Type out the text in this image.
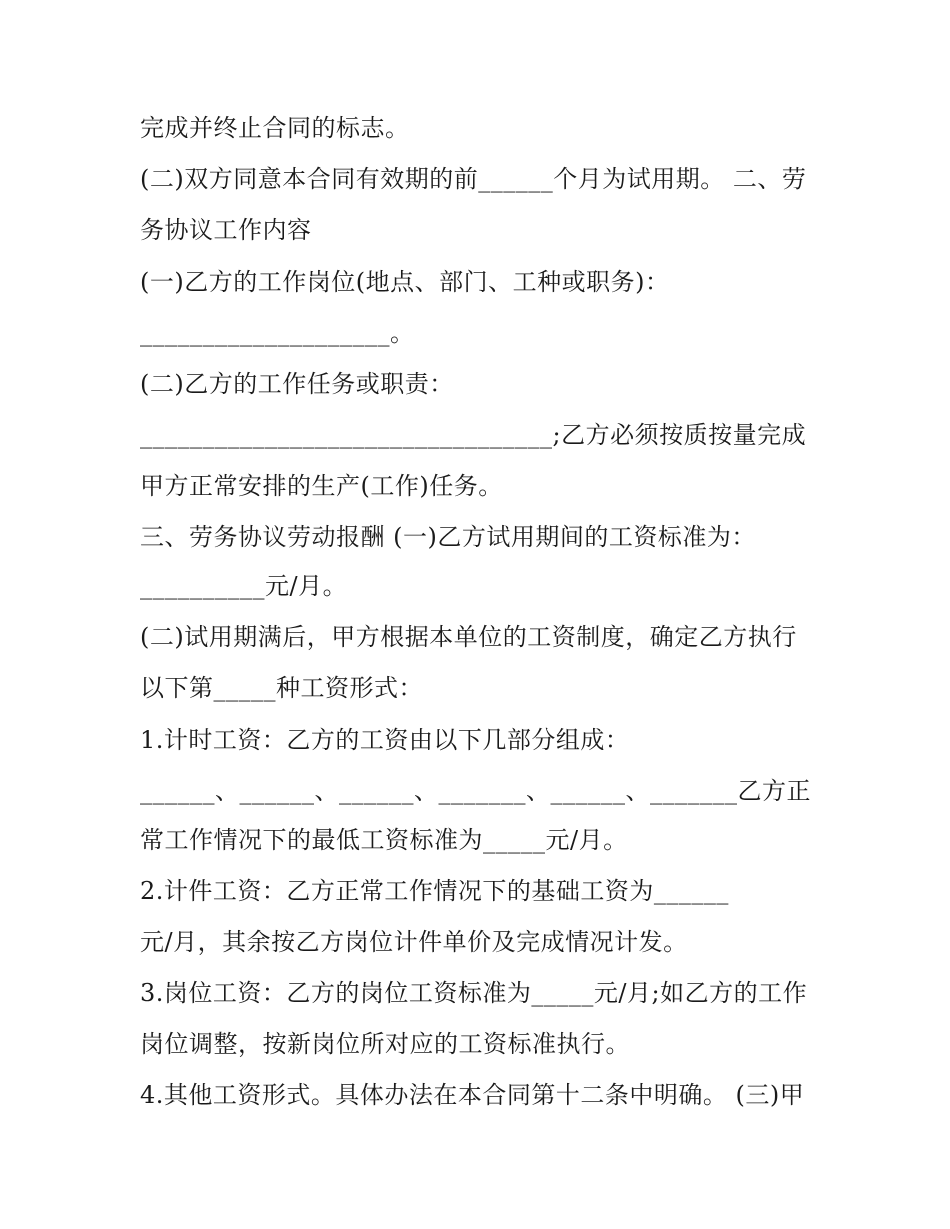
完成并终止合同的标志。
(二)双方同意本合同有效期的前______个月为试用期。 二、劳
务协议工作内容
(一)乙方的工作岗位(地点、部门、工种或职务)：
____________________。
(二)乙方的工作任务或职责：
_________________________________;乙方必须按质按量完成
甲方正常安排的生产(工作)任务。
三、劳务协议劳动报酬 (一)乙方试用期间的工资标准为：
__________元/月。
(二)试用期满后，甲方根据本单位的工资制度，确定乙方执行
以下第_____种工资形式：
1.计时工资：乙方的工资由以下几部分组成：
______、______、______、_______、______、_______乙方正
常工作情况下的最低工资标准为_____元/月。
2.计件工资：乙方正常工作情况下的基础工资为______
元/月，其余按乙方岗位计件单价及完成情况计发。
3.岗位工资：乙方的岗位工资标准为_____元/月;如乙方的工作
岗位调整，按新岗位所对应的工资标准执行。
4.其他工资形式。具体办法在本合同第十二条中明确。 (三)甲
